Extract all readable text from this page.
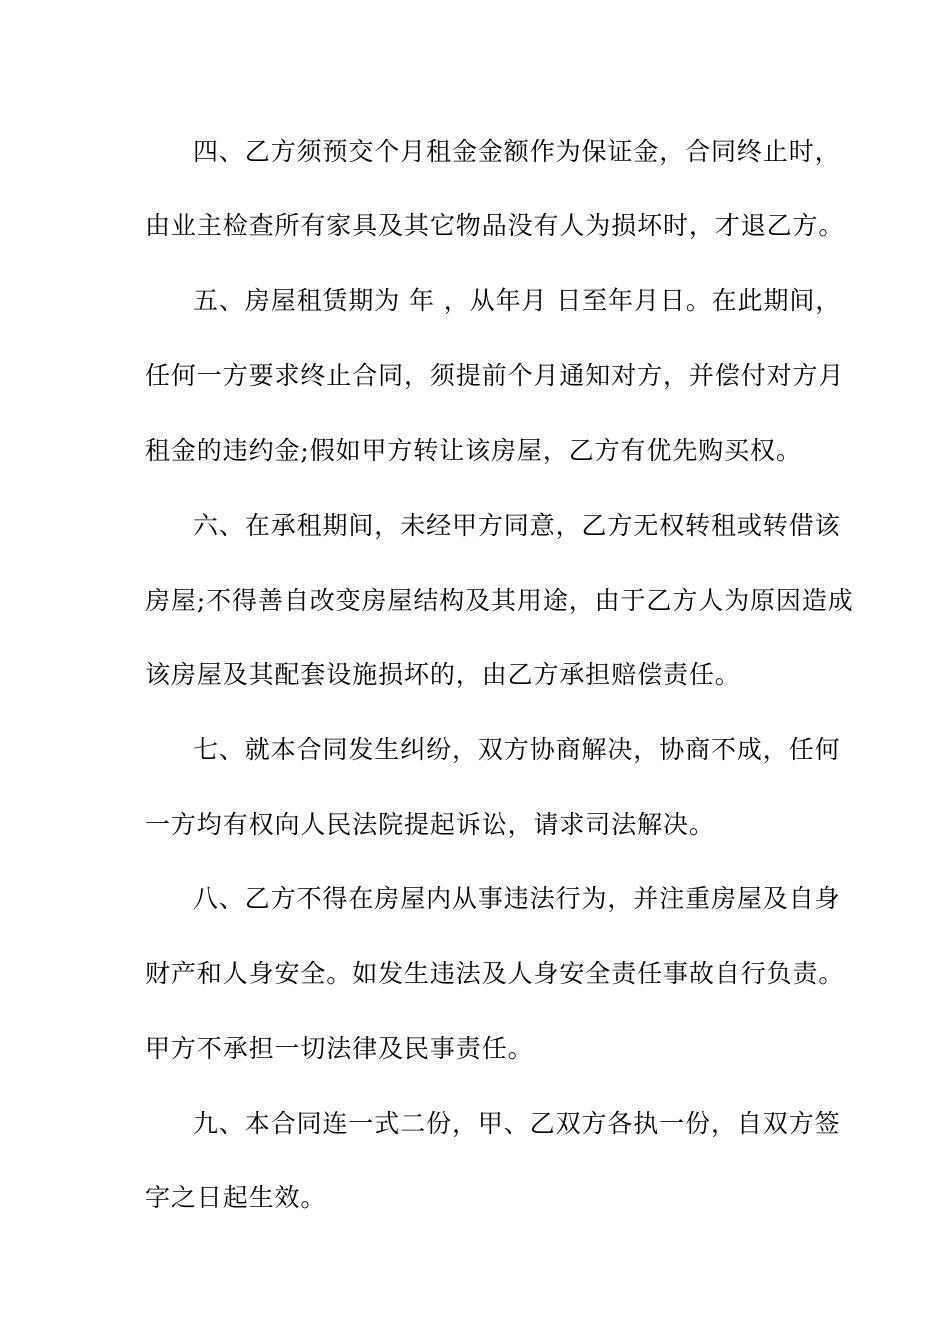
四、乙方须预交个月租金金额作为保证金，合同终止时，
由业主检查所有家具及其它物品没有人为损坏时，才退乙方。
五、房屋租赁期为 年 ，从年月 日至年月日。在此期间，
任何一方要求终止合同，须提前个月通知对方，并偿付对方月
租金的违约金;假如甲方转让该房屋，乙方有优先购买权。
六、在承租期间，未经甲方同意，乙方无权转租或转借该
房屋;不得善自改变房屋结构及其用途，由于乙方人为原因造成
该房屋及其配套设施损坏的，由乙方承担赔偿责任。
七、就本合同发生纠纷，双方协商解决，协商不成，任何
一方均有权向人民法院提起诉讼，请求司法解决。
八、乙方不得在房屋内从事违法行为，并注重房屋及自身
财产和人身安全。如发生违法及人身安全责任事故自行负责。
甲方不承担一切法律及民事责任。
九、本合同连一式二份，甲、乙双方各执一份，自双方签
字之日起生效。
